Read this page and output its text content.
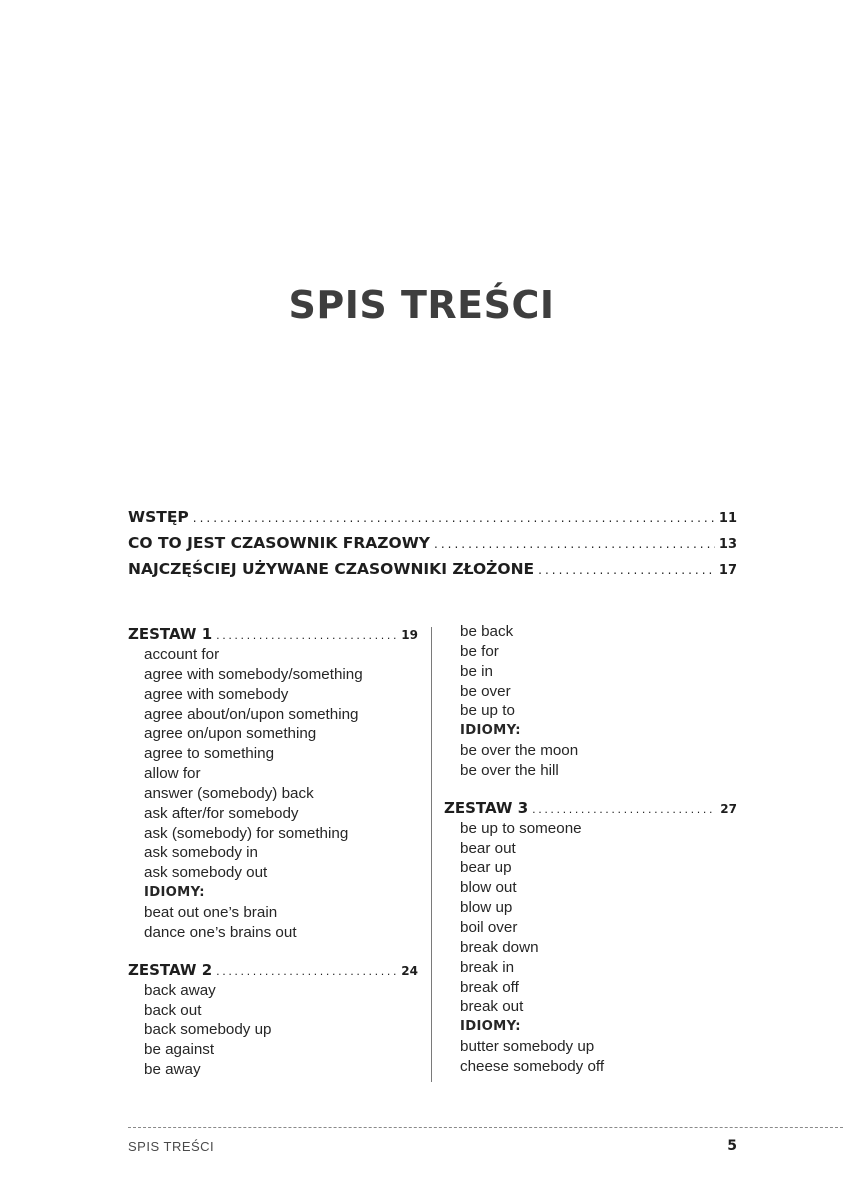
SPIS TREŚCI
WSTĘP .....	11
CO TO JEST CZASOWNIK FRAZOWY .....	13
NAJCZĘŚCIEJ UŻYWANE CZASOWNIKI ZŁOŻONE .....	17
ZESTAW 1 .....	19
account for
agree with somebody/something
agree with somebody
agree about/on/upon something
agree on/upon something
agree to something
allow for
answer (somebody) back
ask after/for somebody
ask (somebody) for something
ask somebody in
ask somebody out
IDIOMY:
beat out one’s brain
dance one’s brains out
ZESTAW 2 .....	24
back away
back out
back somebody up
be against
be away
be back
be for
be in
be over
be up to
IDIOMY:
be over the moon
be over the hill
ZESTAW 3 .....	27
be up to someone
bear out
bear up
blow out
blow up
boil over
break down
break in
break off
break out
IDIOMY:
butter somebody up
cheese somebody off
SPIS TREŚCI	5
